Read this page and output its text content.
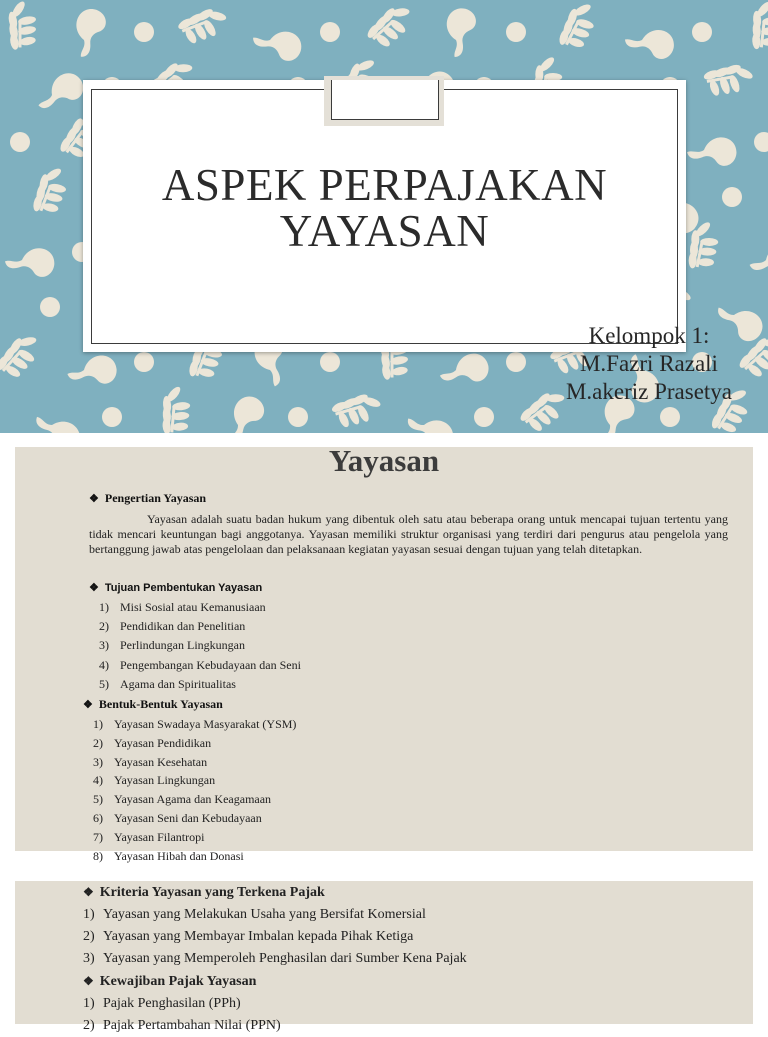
ASPEK PERPAJAKAN
YAYASAN
Kelompok 1:
M.Fazri Razali
M.akeriz Prasetya
Yayasan
❖ Pengertian Yayasan

Yayasan adalah suatu badan hukum yang dibentuk oleh satu atau beberapa orang untuk mencapai tujuan tertentu yang tidak mencari keuntungan bagi anggotanya. Yayasan memiliki struktur organisasi yang terdiri dari pengurus atau pengelola yang bertanggung jawab atas pengelolaan dan pelaksanaan kegiatan yayasan sesuai dengan tujuan yang telah ditetapkan.

❖ Tujuan Pembentukan Yayasan
1) Misi Sosial atau Kemanusiaan
2) Pendidikan dan Penelitian
3) Perlindungan Lingkungan
4) Pengembangan Kebudayaan dan Seni
5) Agama dan Spiritualitas
❖ Bentuk-Bentuk Yayasan
1) Yayasan Swadaya Masyarakat (YSM)
2) Yayasan Pendidikan
3) Yayasan Kesehatan
4) Yayasan Lingkungan
5) Yayasan Agama dan Keagamaan
6) Yayasan Seni dan Kebudayaan
7) Yayasan Filantropi
8) Yayasan Hibah dan Donasi
❖ Kriteria Yayasan yang Terkena Pajak
1) Yayasan yang Melakukan Usaha yang Bersifat Komersial
2) Yayasan yang Membayar Imbalan kepada Pihak Ketiga
3) Yayasan yang Memperoleh Penghasilan dari Sumber Kena Pajak
❖ Kewajiban Pajak Yayasan
1) Pajak Penghasilan (PPh)
2) Pajak Pertambahan Nilai (PPN)
